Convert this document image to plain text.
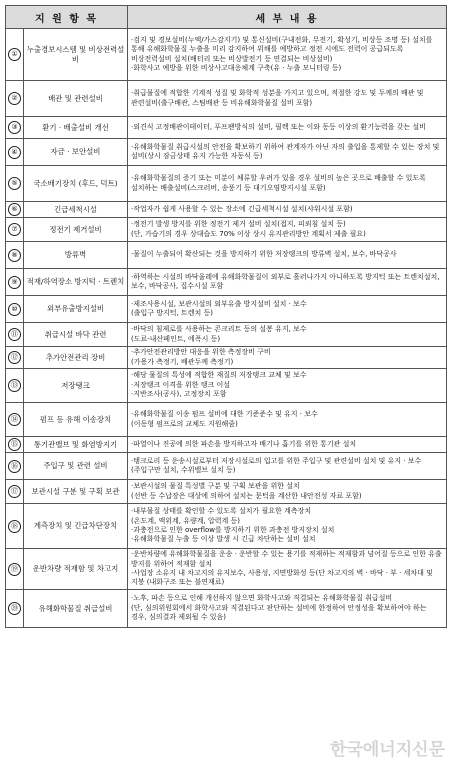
지 원 항 목		세 부 내 용
①	누출경보시스템 및 비상전력설비	·검지 및 경보설비(누액/가스감지기) 및 통신설비(구내전화, 무전기, 확성기, 비상등 조명 등) 설치를 통해 유해화학물질 누출을 미리 감지하여 위해를 예방하고 정전 시에도 전력이 공급되도록 비상전력설비 설치(배터리 또는 비상발전기 등 연결되는 비상설비)
·화학사고 예방을 위한 비상사고대응체계 구축(유 · 누출 모니터링 등)
②	배관 및 관련설비	·취급물질에 적합한 기계적 성질 및 화학적 성분을 가지고 있으며, 적절한 강도 및 두께의 배관 및 관련설비(출구배관, 스팀배관 등 비유해화학물질 설비 포함)
③	환기 · 배출설비 개선	·외견식 고정배관이테이터, 푸프팬방식의 설비, 필렉 또는 이와 동등 이상의 환기능력을 갖는 설비
④	자금 · 보안설비	·유해화학물질 취급시설의 안전을 확보하기 위하여 관계자가 아닌 자의 출입을 통제할 수 있는 장치 및 설비(상시 잠금상태 유지 가능한 자동식 등)
⑤	국소배기장치 (후드, 덕트)	·유해화학물질의 증기 또는 미분이 체류할 우려가 있을 경우 설비의 높은 곳으로 배출할 수 있도록 설치하는 배출설비(스크러버, 송풍기 등 대기오염방지시설 포함)
⑥	긴급세척시설	·작업자가 쉽게 사용할 수 있는 장소에 긴급세척시설 설치(샤워시설 포함)
⑦	정전기 제거설비	·정전기 발생 방지를 위한 정전기 제거 설비 설치(접지, 피뢰침 설치 등)
(단, 가습기의 경우 상대습도 70% 이상 상시 유지관리방안 계획서 제출 필요)
⑧	방류벽	·물질이 누출되어 확산되는 것을 방지하기 위한 저장탱크의 방류벽 설치, 보수, 바닥공사
⑨	적재/하역장소 방지턱 · 트렌치	·하역하는 시설의 바닥울레에 유해화학물질이 외부로 흘러나가지 아니하도록 방지턱 또는 트렌치설치, 보수, 바닥공사, 집수시설 포함
⑩	외부유출방지설비	·제조사용시설, 보관시설의 외부유출 방지설비 설치 · 보수
(출입구 방지턱, 트렌치 등)
⑪	취급시설 바닥 관련	·바닥의 침제로를 사용하는 콘크리트 등의 설봉 유지, 보수
(도료-내산페인트, 에폭시 등)
⑫	추가안전관리 장비	·추가안전관리방안 대응을 위한 측정장비 구비
(가용가 측정기, 배관두께 측정기)
⑬	저장탱크	·해당 물질의 특성에 적합한 재질의 저장탱크 교체 및 보수
·저장탱크 이격을 위한 탱크 이설
·지반조사(공사), 고정장치 포함
⑭	펌프 등 유해 이송장치	·유해화학물질 이송 펌프 설비에 대한 기준준수 및 유지 · 보수
(이동형 펌프로의 교체도 지원해줌)
⑮	통기관밸브 및 화염방지기	·파열이나 진공에 의한 파손을 방지하고자 배기나 흡기를 위한 통기관 설치
⑯	주입구 및 관련 설비	·탱크로리 등 운송시설로부터 저장시설로의 입고를 위한 주입구 및 관련설비 설치 및 유지 · 보수(주입구만 설치, 수위밸브 설치 등)
⑰	보관시설 구분 및 구획 보관	·보관시설의 물질 특성별 구분 및 구획 보관을 위한 설치
(선반 등 수납장은 대상에 의하여 설치는 문턱을 계산한 내안전성 자료 포함)
⑱	계측장치 및 긴급차단장치	·내부물질 상태를 확인할 수 있도록 설치가 필요한 계측장치
(온도계, 액위계, 유량계, 압력계 등)
·과충전으로 인한 overflow를 방지하기 위한 과충전 방지장치 설치
·유해화학물질 누출 등 이상 발생 시 긴급 차단하는 설비 설치
⑲	운반차량 적재함 및 차고지	·운반차량에 유해화학물질을 운송 · 운반할 수 있는 용기를 적재하는 적재함과 넘어질 등으로 인한 유출 방지를 위하여 적재함 설치
·사업장 소유지 내 차고지의 유지보수, 사용성, 지면방화성 등(단 차고지의 벽 · 바닥 · 부 · 세차대 및 지붕 (내화구조 또는 불연재료)
⑳	유해화학물질 취급설비	·노후, 파손 등으로 인해 개선하지 않으면 화학사고와 직결되는 유해화학물질 취급설비
(단, 심의위원회에서 화학사고와 직결된다고 판단하는 설비에 한정하여 안정성을 확보하여야 하는 경우, 심의결과 제외될 수 있음)
한국에너지신문
